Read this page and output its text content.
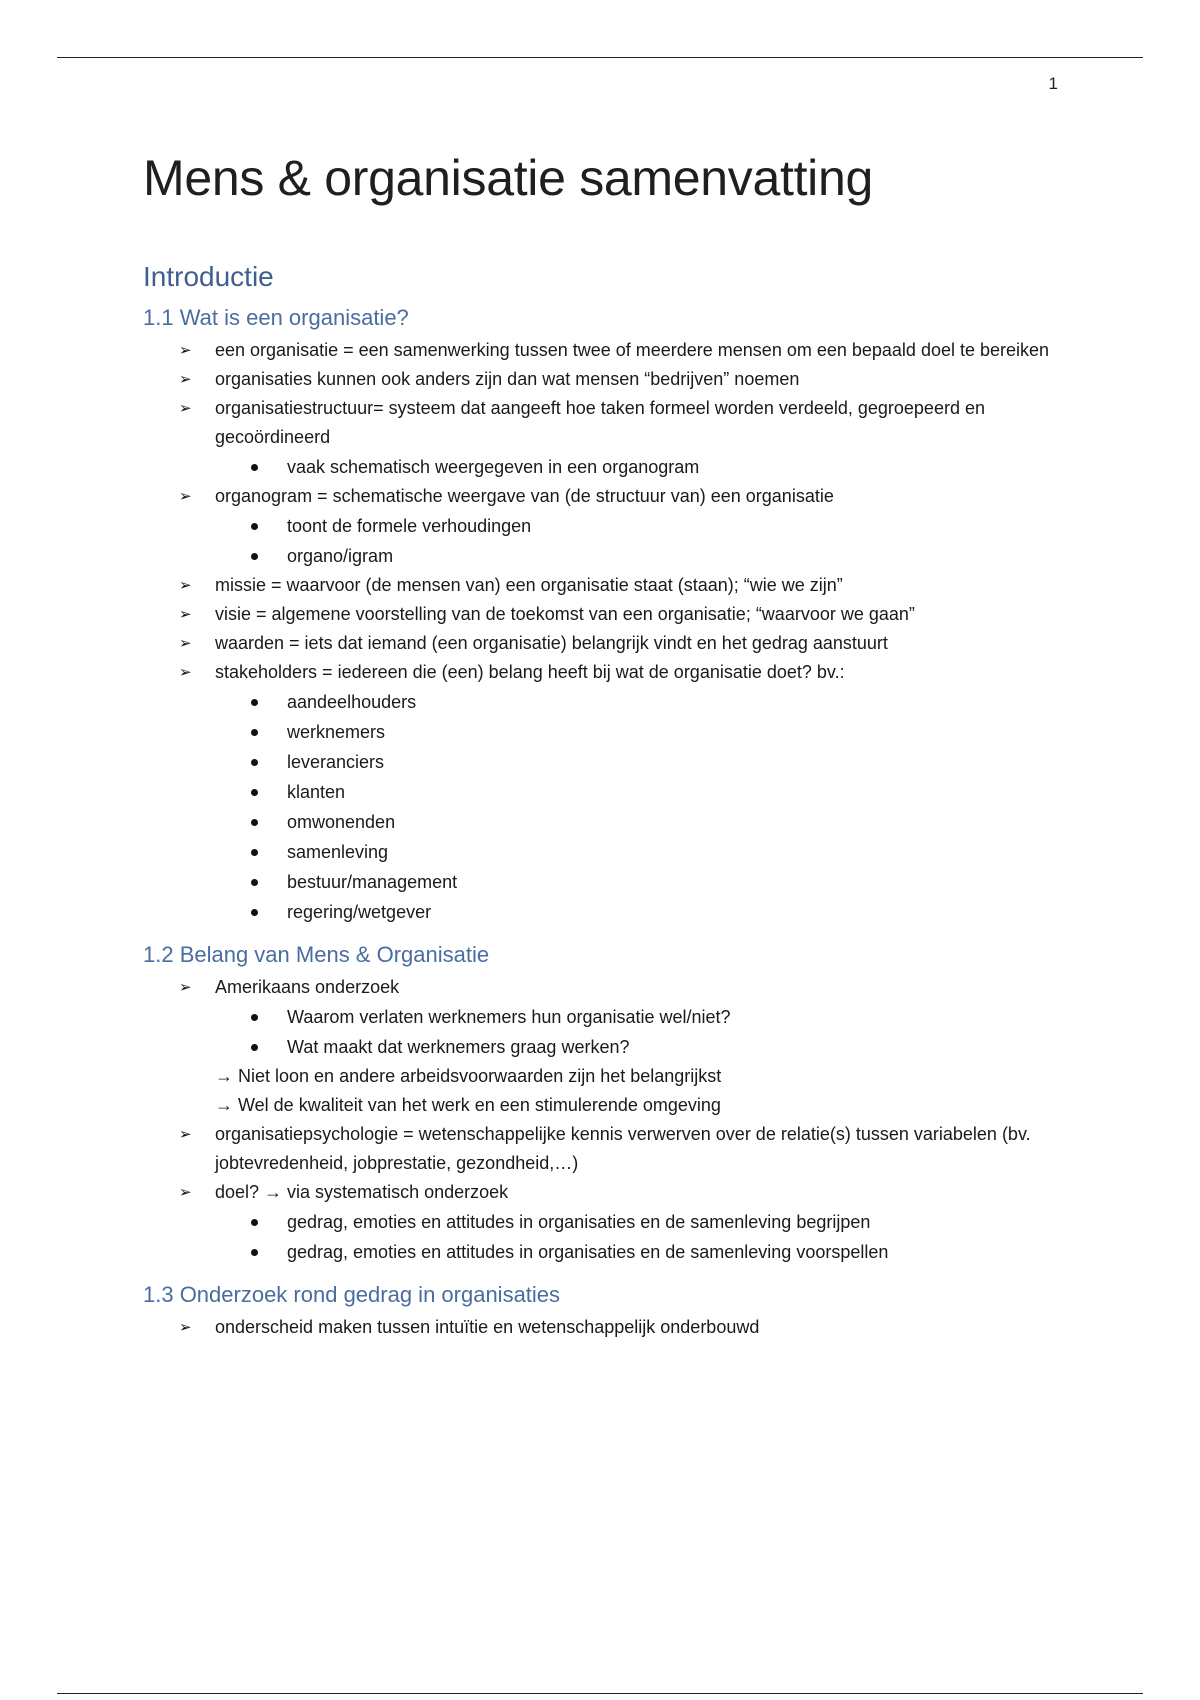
1
Mens & organisatie samenvatting
Introductie
1.1 Wat is een organisatie?
➢ een organisatie = een samenwerking tussen twee of meerdere mensen om een bepaald doel te bereiken
➢ organisaties kunnen ook anders zijn dan wat mensen “bedrijven” noemen
➢ organisatiestructuur= systeem dat aangeeft hoe taken formeel worden verdeeld, gegroepeerd en gecoördineerd
vaak schematisch weergegeven in een organogram
➢ organogram = schematische weergave van (de structuur van) een organisatie
toont de formele verhoudingen
organo/igram
➢ missie = waarvoor (de mensen van) een organisatie staat (staan); “wie we zijn”
➢ visie = algemene voorstelling van de toekomst van een organisatie; “waarvoor we gaan”
➢ waarden = iets dat iemand (een organisatie) belangrijk vindt en het gedrag aanstuurt
➢ stakeholders = iedereen die (een) belang heeft bij wat de organisatie doet? bv.:
aandeelhouders
werknemers
leveranciers
klanten
omwonenden
samenleving
bestuur/management
regering/wetgever
1.2 Belang van Mens & Organisatie
➢ Amerikaans onderzoek
Waarom verlaten werknemers hun organisatie wel/niet?
Wat maakt dat werknemers graag werken?
→ Niet loon en andere arbeidsvoorwaarden zijn het belangrijkst
→ Wel de kwaliteit van het werk en een stimulerende omgeving
➢ organisatiepsychologie = wetenschappelijke kennis verwerven over de relatie(s) tussen variabelen (bv. jobtevredenheid, jobprestatie, gezondheid,…)
➢ doel? → via systematisch onderzoek
gedrag, emoties en attitudes in organisaties en de samenleving begrijpen
gedrag, emoties en attitudes in organisaties en de samenleving voorspellen
1.3 Onderzoek rond gedrag in organisaties
➢ onderscheid maken tussen intuïtie en wetenschappelijk onderbouwd
